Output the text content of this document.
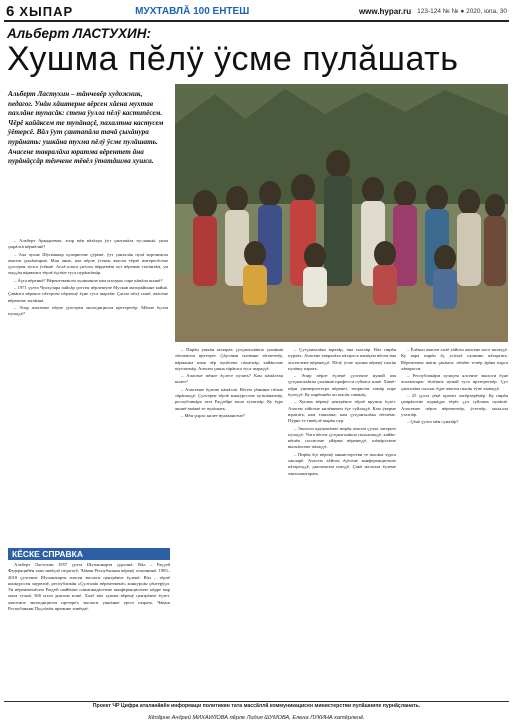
6 ХЫПАР	МУХТАВЛĂ 100 ЕНТЕШ	www.hypar.ru 123-124 № № ● 2020, юпа, 30
Альберт ЛАСТУХИН:
Хушма пĕлÿ ÿсме пулăшать
Альберт Ластухин – тăнчевĕр художник, педагог. Унăн хăштерне вĕрсен хăена мухтав пахлăне тупасăк: стена ÿулла пĕлÿ кастипĕсем. Чĕрĕ кайăксем те тупăнаçĕ, пахалтна кастусем ÿĕтерсĕ. Вăл ÿут çантапăла тачă çыхăнура пурăнать: ушкăна тухма пĕлÿ ÿсме пулăшать. Ачасене тавралăха юратма вĕрентет ăна пурăнăçсăр тĕнчене тĕвĕл ÿтатăшма хушса.

– Альберт Аркадьевич, эсир мĕн вăхăтра ÿут çантапăла туслашнă, унпа çырăлсă кĕрмĕлнĕ?

– Ача чухне Шупашкар хуларисене çÿренĕ, ÿут çанталăк пулă воронежли ачасем çыхăнтарнă. Ман анне, апа пĕрле ÿсекен ачасен тĕрлĕ интересĕсене çулсерен тупса ÿсĕннĕ. Аслă класа çитсен пĕрремĕш хут вĕренме тытăнтăм, ун хыççăн вăрманта тĕрлĕ ĕçсене туса пурăнтăмăр.

– Ăçта вĕреннĕ? Вĕрентекенсен хушшинче кам ытларах сире кăмăла килнĕ?

– 1971 çулта Чулхулара пайсăр çитсен пĕрлешÿпе Мускав маторайонне кайнă. Çавăнта вĕренсе пĕтерсен пĕрлешÿ ĕçне туса пыртăм. Çапла пĕлÿ илнĕ, ачасене вĕрентме тытăннă.

– Эсир ачасемпе пĕрле çулсерен экспедицисем ирттеретĕр. Мĕнле ĕçсем пулаççĕ?

– Пирĕн ушкăн ытларах çутçанталăкпа çыхăннă тĕпчевсем ирттерет. Çĕр-шыв тытăмне тĕпчетпĕр, вăрманпа шыв чĕр чунĕсене пăхатпăр, кайăксене шутлатпăр. Ачасем çакна тăрăшса туса пыраççĕ.

– Ачасене мĕнле ĕçлесе пулать? Кам кăмăлтан килет?

– Ачасемпе ĕçлеме кăмăллă. Вĕсем çĕннине пĕлме тăрăшаççĕ. Çулсерен тĕрлĕ конкурссене хутшăнатпăр, республикăра тата Раççейре мала тухатпăр. Ку ĕçре ашшĕ-амăшĕ те пулăшать.

– Мĕн çырас килет вулакансене?

– Çутçанталăка юратăр, ăна сыхлăр. Вăл пирĕн пурлăх. Ачасене тавралăха кăтартса панăçем вĕсем ăна хисеплеме вĕренеççĕ. Пĕлÿ ÿсме хушма вĕренÿ пысăк пулăшу парать.

– Эпир пĕрле ĕçленĕ çулсенче нумай ача çутçанталăкпа çыхăннă професси суйласа илнĕ. Хăшĕ-пĕри университетра вĕренет, теприсем хамăр енре ĕçлеççĕ. Ку пирĕншĕн чи пысăк савăнăç.

– Хушма вĕренÿ центрĕнче тĕрлĕ кружок ĕçлет. Ачасем хăйсене килĕшекен ĕçе суйлаççĕ. Кам ÿкерме юратать, кам ташлама, кам çутçанталăка тĕпчеме. Пурне те тивĕçлĕ вырăн пур.

– Экологи кружокĕнче пирĕн ачасем çулла лагерьте пулаççĕ. Унта вĕсем çутçанталăкпа паллашаççĕ, кайăк-кĕшĕк сассисене уйăрма вĕренеççĕ, шăпăрсемпе выльăхсене пăхаççĕ.

– Пирĕн ĕçе вĕренÿ министерстви те пысăка хурса хакларĕ. Ачасем хăйсен ĕçĕсене конференцисенче кăтартаççĕ, дипломсем илеççĕ. Çакă малалла ĕçлеме хавхалантарать.

– Ĕлĕкхи ачасем халĕ хăйсен ачисене илсе килеççĕ. Ку вара пирĕн ĕç усăллă пулнине кăтартать. Вĕрентекен шăпи çакăнта: пĕлĕве тепĕр ăрăва парса хăварасси.

– Республикăри хулаçем ялсенче экологи ĕçне аталантарас тĕлĕшпе нумай туса ирттеретпĕр. Çут çанталăка сыхлас ĕçре ачасем пысăк тÿпе хываççĕ.

– 25 çулта çĕнĕ проект хатĕрлерĕмĕр. Ку пирĕн çамрăксене пурнăçра тĕрĕс çул суйлама пулăшĕ. Ачасемпе пĕрле вĕренетпĕр, ÿсетпĕр, малалла утатпăр.

– Çĕнĕ çулта мĕн сунатăр?

КĔСКЕ СПРАВКА

Альберт Ластухин 1957 çулта Шупашкарта çуралнă. Вăл – Раççей Федерацийĕн тава тивĕçлĕ педагогĕ, Чăваш Республикин вĕренÿ отличникĕ. 1983–2018 çулсенче Шупашкарти ачасен экологи центрĕнче ĕçленĕ. Вăл – тĕрлĕ конкурссен лауреачĕ, республикăн «Çулталăк вĕрентекенĕ» конкурсăн çĕнтерÿçи. Ун вĕренекенĕсем Раççей шайĕнчи олимпиадăсемпе конференцисенче пĕрре мар мала тухнă, 300 ытла диплом илнĕ. Халĕ вăл хушма вĕренÿ центрĕнче ĕçлет, ачасемпе экспедицисем ирттерет, экологи ушкăнне ертсе пырать. Чăваш Республикин Пуçлăхĕн премине тивĕçнĕ.

Проект ЧР Цифра аталанăвĕн информаци политикин тата массăллă коммуникацисен министерстви пулăшнипе пурнăçланать.
Кĕпăрне Андрей МИХАЙЛОВА пĕрле Лидия ШУМОВА, Елена ЛУКИНА хатĕрленĕ.
